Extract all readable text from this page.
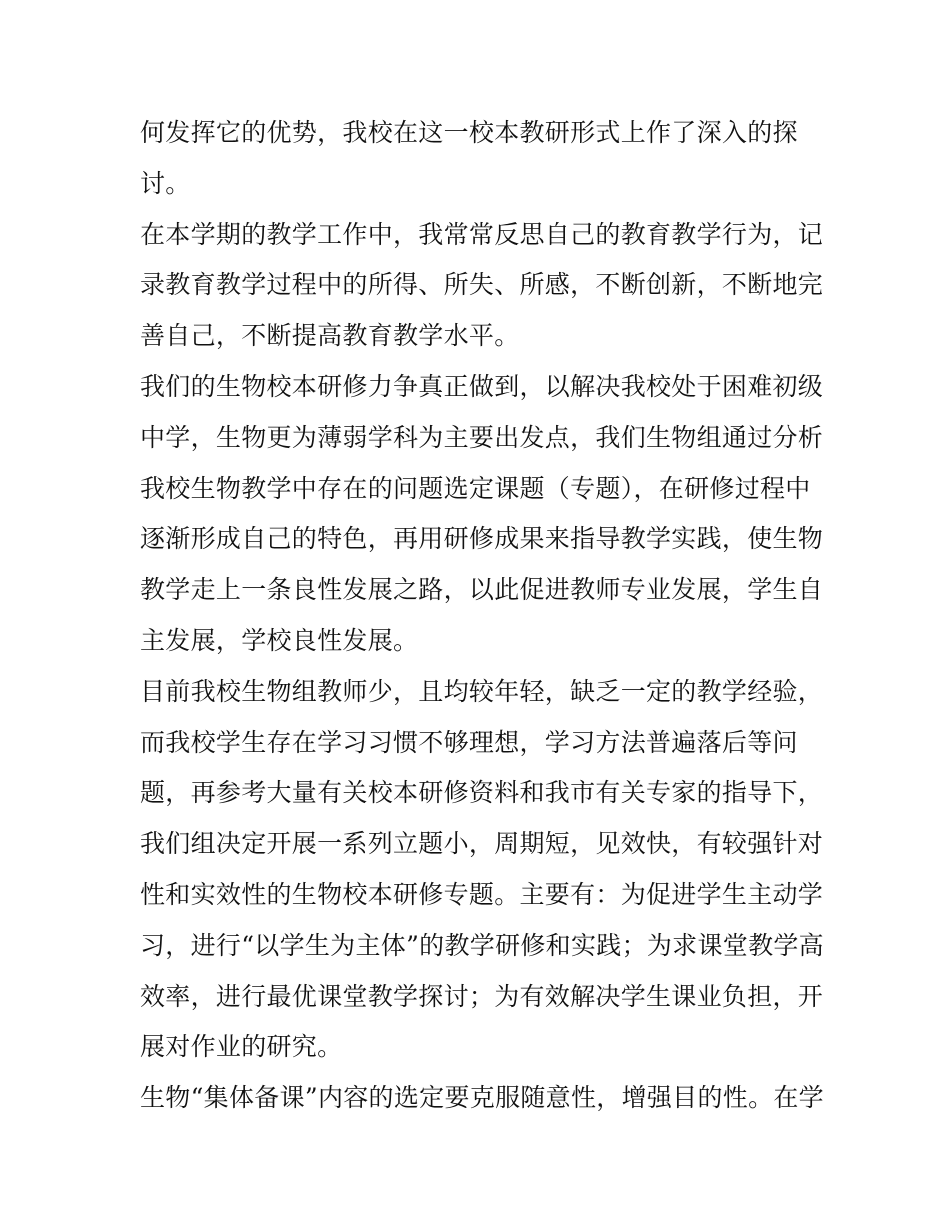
何发挥它的优势，我校在这一校本教研形式上作了深入的探
讨。
在本学期的教学工作中，我常常反思自己的教育教学行为，记
录教育教学过程中的所得、所失、所感，不断创新，不断地完
善自己，不断提高教育教学水平。
我们的生物校本研修力争真正做到，以解决我校处于困难初级
中学，生物更为薄弱学科为主要出发点，我们生物组通过分析
我校生物教学中存在的问题选定课题（专题），在研修过程中
逐渐形成自己的特色，再用研修成果来指导教学实践，使生物
教学走上一条良性发展之路，以此促进教师专业发展，学生自
主发展，学校良性发展。
目前我校生物组教师少，且均较年轻，缺乏一定的教学经验，
而我校学生存在学习习惯不够理想，学习方法普遍落后等问
题，再参考大量有关校本研修资料和我市有关专家的指导下，
我们组决定开展一系列立题小，周期短，见效快，有较强针对
性和实效性的生物校本研修专题。主要有：为促进学生主动学
习，进行“以学生为主体”的教学研修和实践；为求课堂教学高
效率，进行最优课堂教学探讨；为有效解决学生课业负担，开
展对作业的研究。
生物“集体备课”内容的选定要克服随意性，增强目的性。在学
